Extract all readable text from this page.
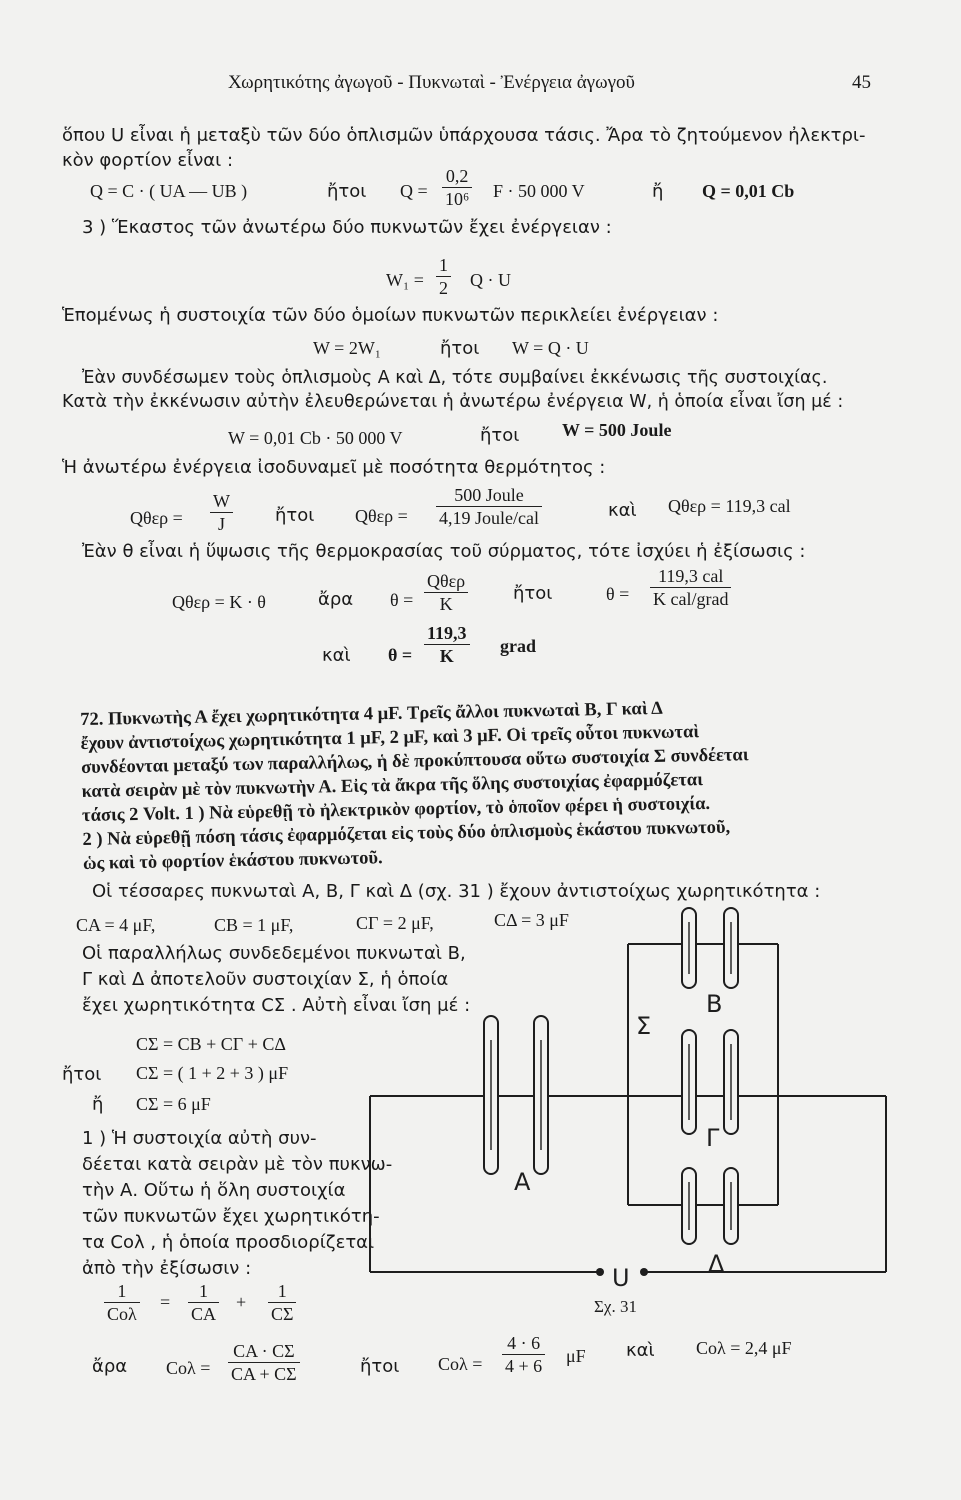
Χωρητικότης ἀγωγοῦ - Πυκνωταὶ - Ἐνέργεια ἀγωγοῦ	45
ὅπου U εἶναι ἡ μεταξὺ τῶν δύο ὁπλισμῶν ὑπάρχουσα τάσις. Ἄρα τὸ ζητούμενον ἠλεκτρι-
κὸν φορτίον εἶναι :
Q = C · ( UA — UB )	ἤτοι $Q = \frac{0,2}{\text{10⁶}}$ F · 50 000 V	ἤ Q = 0,01 Cb
3 ) Ἕκαστος τῶν ἀνωτέρω δύο πυκνωτῶν ἔχει ἐνέργειαν :
$W_1 = \frac{1}{2}$ Q · U
Ἑπομένως ἡ συστοιχία τῶν δύο ὁμοίων πυκνωτῶν περικλείει ἐνέργειαν :
W = 2W₁	ἤτοι W = Q · U
Ἐὰν συνδέσωμεν τοὺς ὁπλισμοὺς Α καὶ Δ, τότε συμβαίνει ἐκκένωσις τῆς συστοιχίας.
Κατὰ τὴν ἐκκένωσιν αὐτὴν ἐλευθερώνεται ἡ ἀνωτέρω ἐνέργεια W, ἡ ὁποία εἶναι ἴση μέ :
W = 0,01 Cb · 50 000 V	ἤτοι W = 500 Joule
Ἡ ἀνωτέρω ἐνέργεια ἰσοδυναμεῖ μὲ ποσότητα θερμότητος :
$Q\theta\varepsilon\rho = \frac{W}{J}$ ἤτοι Qθερ =
500 Joule
4,19 Joule/cal	καὶ Qθερ = 119,3 cal
Ἐὰν θ εἶναι ἡ ὕψωσις τῆς θερμοκρασίας τοῦ σύρματος, τότε ἰσχύει ἡ ἐξίσωσις :
Qθερ = K · θ	ἄρα θ =
Qθερ
K	ἤτοι	θ =
119,3 cal
K cal/grad
καὶ $\theta = \frac{119,3}{K}$ grad
72. Πυκνωτὴς Α ἔχει χωρητικότητα 4 μF. Τρεῖς ἄλλοι πυκνωταὶ Β, Γ καὶ Δ
ἔχουν ἀντιστοίχως χωρητικότητα 1 μF, 2 μF, καὶ 3 μF. Οἱ τρεῖς οὗτοι πυκνωταὶ
συνδέονται μεταξύ των παραλλήλως, ἡ δὲ προκύπτουσα οὕτω συστοιχία Σ συνδέεται
κατὰ σειρὰν μὲ τὸν πυκνωτὴν Α. Εἰς τὰ ἄκρα τῆς ὅλης συστοιχίας ἐφαρμόζεται
τάσις 2 Volt. 1 ) Νὰ εὑρεθῇ τὸ ἠλεκτρικὸν φορτίον, τὸ ὁποῖον φέρει ἡ συστοιχία.
2 ) Νὰ εὑρεθῇ πόση τάσις ἐφαρμόζεται εἰς τοὺς δύο ὁπλισμοὺς ἑκάστου πυκνωτοῦ,
ὡς καὶ τὸ φορτίον ἑκάστου πυκνωτοῦ.
Οἱ τέσσαρες πυκνωταὶ Α, Β, Γ καὶ Δ (σχ. 31 ) ἔχουν ἀντιστοίχως χωρητικότητα :
CA = 4 μF,	CB = 1 μF,	CΓ = 2 μF,	CΔ = 3 μF
Οἱ παραλλήλως συνδεδεμένοι πυκνωταὶ Β,
Γ καὶ Δ ἀποτελοῦν συστοιχίαν Σ, ἡ ὁποία
ἔχει χωρητικότητα CΣ . Αὐτὴ εἶναι ἴση μέ :
CΣ = CB + CΓ + CΔ
ἤτοι CΣ = ( 1 + 2 + 3 ) μF
ἤ CΣ = 6 μF
1 ) Ἡ συστοιχία αὐτὴ συν-
δέεται κατὰ σειρὰν μὲ τὸν πυκνω-
τὴν Α. Οὕτω ἡ ὅλη συστοιχία
τῶν πυκνωτῶν ἔχει χωρητικότη-
τα Cολ , ἡ ὁποία προσδιορίζεται
ἀπὸ τὴν ἐξίσωσιν :
1
Cολ
= $\frac{1}{CA} + \frac{1}{C\Sigma}$
ἄρα $Co\lambda = \frac{CA \cdot C\Sigma}{CA + C\Sigma}$	ἤτοι $Co\lambda = \frac{4 \cdot 6}{4 + 6}$ μF καὶ Cολ = 2,4 μF
Α
Β
Γ
Δ
Σ
U
Σχ. 31
